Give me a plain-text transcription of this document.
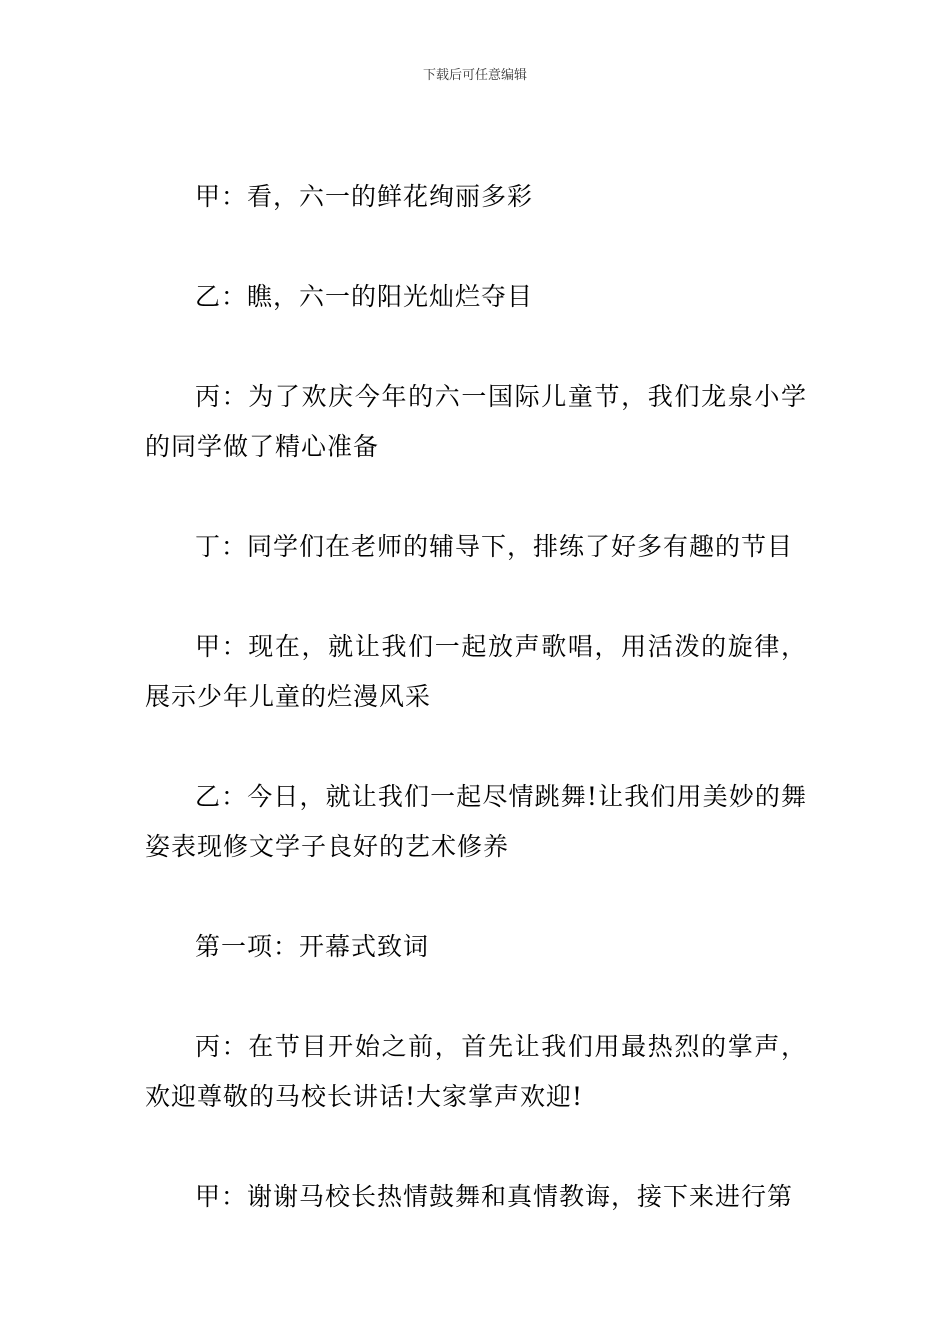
下载后可任意编辑

甲：看，六一的鲜花绚丽多彩

乙：瞧，六一的阳光灿烂夺目

丙：为了欢庆今年的六一国际儿童节，我们龙泉小学的同学做了精心准备

丁：同学们在老师的辅导下，排练了好多有趣的节目

甲：现在，就让我们一起放声歌唱，用活泼的旋律，展示少年儿童的烂漫风采

乙：今日，就让我们一起尽情跳舞!让我们用美妙的舞姿表现修文学子良好的艺术修养

第一项：开幕式致词

丙：在节目开始之前，首先让我们用最热烈的掌声，欢迎尊敬的马校长讲话!大家掌声欢迎!

甲：谢谢马校长热情鼓舞和真情教诲，接下来进行第
